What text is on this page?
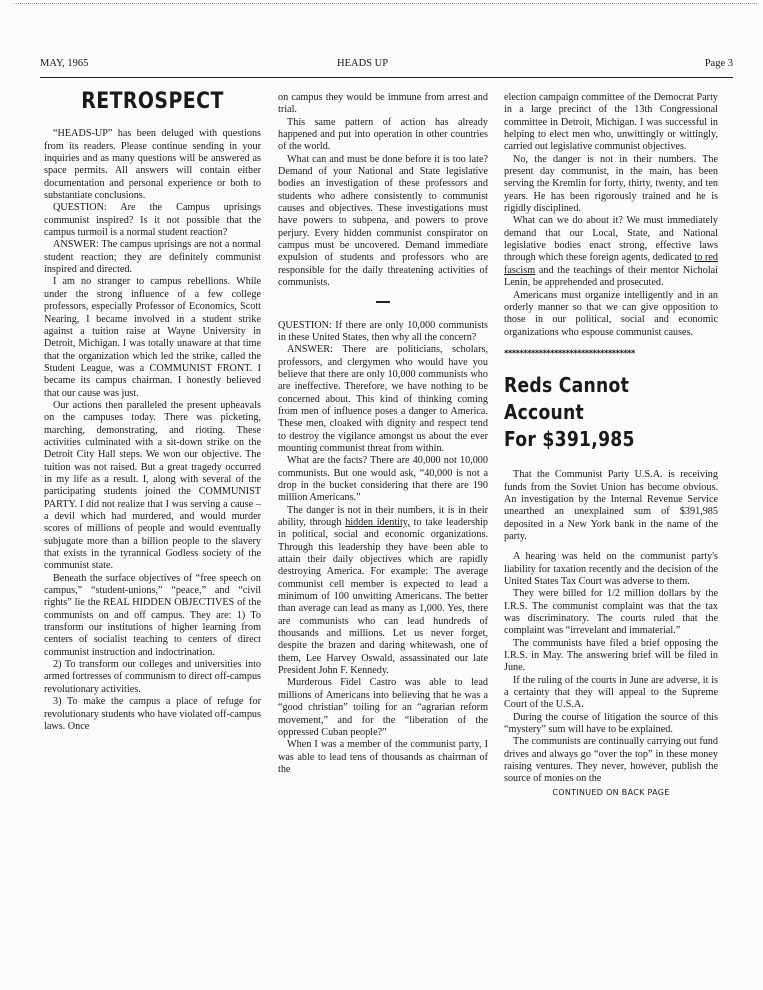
MAY, 1965	HEADS UP	Page 3
RETROSPECT

“HEADS-UP” has been deluged with questions from its readers. Please continue sending in your inquiries and as many questions will be answered as space permits. All answers will contain either documentation and personal experience or both to substantiate conclusions.

QUESTION: Are the Campus uprisings communist inspired? Is it not possible that the campus turmoil is a normal student reaction?

ANSWER: The campus uprisings are not a normal student reaction; they are definitely communist inspired and directed.

I am no stranger to campus rebellions. While under the strong influence of a few college professors, especially Professor of Economics, Scott Nearing, I became involved in a student strike against a tuition raise at Wayne University in Detroit, Michigan. I was totally unaware at that time that the organization which led the strike, called the Student League, was a COMMUNIST FRONT. I became its campus chairman. I honestly believed that our cause was just.

Our actions then paralleled the present upheavals on the campuses today. There was picketing, marching, demonstrating, and rioting. These activities culminated with a sit-down strike on the Detroit City Hall steps. We won our objective. The tuition was not raised. But a great tragedy occurred in my life as a result. I, along with several of the participating students joined the COMMUNIST PARTY. I did not realize that I was serving a cause – a devil which had murdered, and would murder scores of millions of people and would eventually subjugate more than a billion people to the slavery that exists in the tyrannical Godless society of the communist state.

Beneath the surface objectives of “free speech on campus,” “student-unions,” “peace,” and “civil rights” lie the REAL HIDDEN OBJECTIVES of the communists on and off campus. They are: 1) To transform our institutions of higher learning from centers of socialist teaching to centers of direct communist instruction and indoctrination.

2) To transform our colleges and universities into armed fortresses of communism to direct off-campus revolutionary activities.

3) To make the campus a place of refuge for revolutionary students who have violated off-campus laws. Once

on campus they would be immune from arrest and trial.

This same pattern of action has already happened and put into operation in other countries of the world.

What can and must be done before it is too late? Demand of your National and State legislative bodies an investigation of these professors and students who adhere consistently to communist causes and objectives. These investigations must have powers to subpena, and powers to prove perjury. Every hidden communist conspirator on campus must be uncovered. Demand immediate expulsion of students and professors who are responsible for the daily threatening activities of communists.

QUESTION: If there are only 10,000 communists in these United States, then why all the concern?

ANSWER: There are politicians, scholars, professors, and clergymen who would have you believe that there are only 10,000 communists who are ineffective. Therefore, we have nothing to be concerned about. This kind of thinking coming from men of influence poses a danger to America. These men, cloaked with dignity and respect tend to destroy the vigilance amongst us about the ever mounting communist threat from within.

What are the facts? There are 40,000 not 10,000 communists. But one would ask, “40,000 is not a drop in the bucket considering that there are 190 million Americans.”

The danger is not in their numbers, it is in their ability, through hidden identity, to take leadership in political, social and economic organizations. Through this leadership they have been able to attain their daily objectives which are rapidly destroying America. For example: The average communist cell member is expected to lead a minimum of 100 unwitting Americans. The better than average can lead as many as 1,000. Yes, there are communists who can lead hundreds of thousands and millions. Let us never forget, despite the brazen and daring whitewash, one of them, Lee Harvey Oswald, assassinated our late President John F. Kennedy.

Murderous Fidel Castro was able to lead millions of Americans into believing that he was a “good christian” toiling for an “agrarian reform movement,” and for the “liberation of the oppressed Cuban people?”

When I was a member of the communist party, I was able to lead tens of thousands as chairman of the

election campaign committee of the Democrat Party in a large precinct of the 13th Congressional committee in Detroit, Michigan. I was successful in helping to elect men who, unwittingly or wittingly, carried out legislative communist objectives.

No, the danger is not in their numbers. The present day communist, in the main, has been serving the Kremlin for forty, thirty, twenty, and ten years. He has been rigorously trained and he is rigidly disciplined.

What can we do about it? We must immediately demand that our Local, State, and National legislative bodies enact strong, effective laws through which these foreign agents, dedicated to red fascism and the teachings of their mentor Nicholai Lenin, be apprehended and prosecuted.

Americans must organize intelligently and in an orderly manner so that we can give opposition to those in our political, social and economic organizations who espouse communist causes.

**********************************
Reds Cannot Account
For $391,985

That the Communist Party U.S.A. is receiving funds from the Soviet Union has become obvious. An investigation by the Internal Revenue Service unearthed an unexplained sum of $391,985 deposited in a New York bank in the name of the party.

A hearing was held on the communist party's liability for taxation recently and the decision of the United States Tax Court was adverse to them.

They were billed for 1/2 million dollars by the I.R.S. The communist complaint was that the tax was discriminatory. The courts ruled that the complaint was “irrevelant and immaterial.”

The communists have filed a brief opposing the I.R.S. in May. The answering brief will be filed in June.

If the ruling of the courts in June are adverse, it is a certainty that they will appeal to the Supreme Court of the U.S.A.

During the course of litigation the source of this “mystery” sum will have to be explained.

The communists are continually carrying out fund drives and always go “over the top” in these money raising ventures. They never, however, publish the source of monies on the

CONTINUED ON BACK PAGE
